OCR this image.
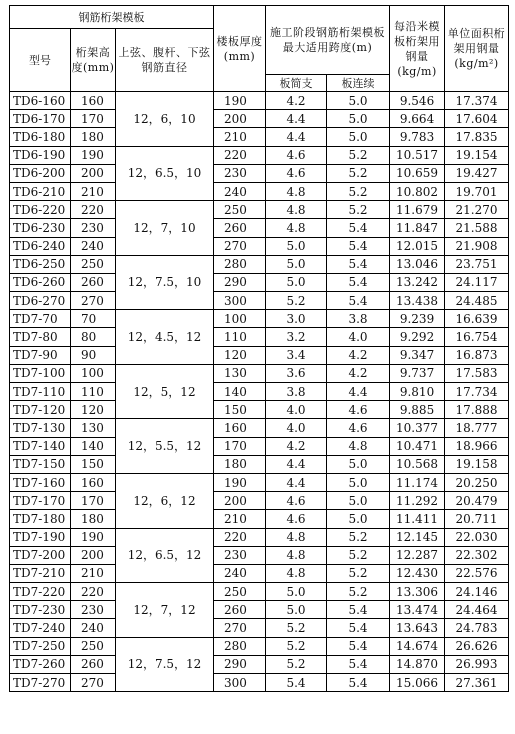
钢筋桁架模板			楼板厚度(mm)	施工阶段钢筋桁架模板最大适用跨度(m)		每沿米模板桁架用钢量(kg/m)	单位面积桁架用钢量(kg/m²)
型号	桁架高度(mm)	上弦、腹杆、下弦钢筋直径					
				板简支	板连续		
TD6-160	160	12，6，10	190	4.2	5.0	9.546	17.374
TD6-170	170		200	4.4	5.0	9.664	17.604
TD6-180	180		210	4.4	5.0	9.783	17.835
TD6-190	190	12，6.5，10	220	4.6	5.2	10.517	19.154
TD6-200	200		230	4.6	5.2	10.659	19.427
TD6-210	210		240	4.8	5.2	10.802	19.701
TD6-220	220	12，7，10	250	4.8	5.2	11.679	21.270
TD6-230	230		260	4.8	5.4	11.847	21.588
TD6-240	240		270	5.0	5.4	12.015	21.908
TD6-250	250	12，7.5，10	280	5.0	5.4	13.046	23.751
TD6-260	260		290	5.0	5.4	13.242	24.117
TD6-270	270		300	5.2	5.4	13.438	24.485
TD7-70	70	12，4.5，12	100	3.0	3.8	9.239	16.639
TD7-80	80		110	3.2	4.0	9.292	16.754
TD7-90	90		120	3.4	4.2	9.347	16.873
TD7-100	100	12，5，12	130	3.6	4.2	9.737	17.583
TD7-110	110		140	3.8	4.4	9.810	17.734
TD7-120	120		150	4.0	4.6	9.885	17.888
TD7-130	130	12，5.5，12	160	4.0	4.6	10.377	18.777
TD7-140	140		170	4.2	4.8	10.471	18.966
TD7-150	150		180	4.4	5.0	10.568	19.158
TD7-160	160	12，6，12	190	4.4	5.0	11.174	20.250
TD7-170	170		200	4.6	5.0	11.292	20.479
TD7-180	180		210	4.6	5.0	11.411	20.711
TD7-190	190	12，6.5，12	220	4.8	5.2	12.145	22.030
TD7-200	200		230	4.8	5.2	12.287	22.302
TD7-210	210		240	4.8	5.2	12.430	22.576
TD7-220	220	12，7，12	250	5.0	5.2	13.306	24.146
TD7-230	230		260	5.0	5.4	13.474	24.464
TD7-240	240		270	5.2	5.4	13.643	24.783
TD7-250	250	12，7.5，12	280	5.2	5.4	14.674	26.626
TD7-260	260		290	5.2	5.4	14.870	26.993
TD7-270	270		300	5.4	5.4	15.066	27.361
